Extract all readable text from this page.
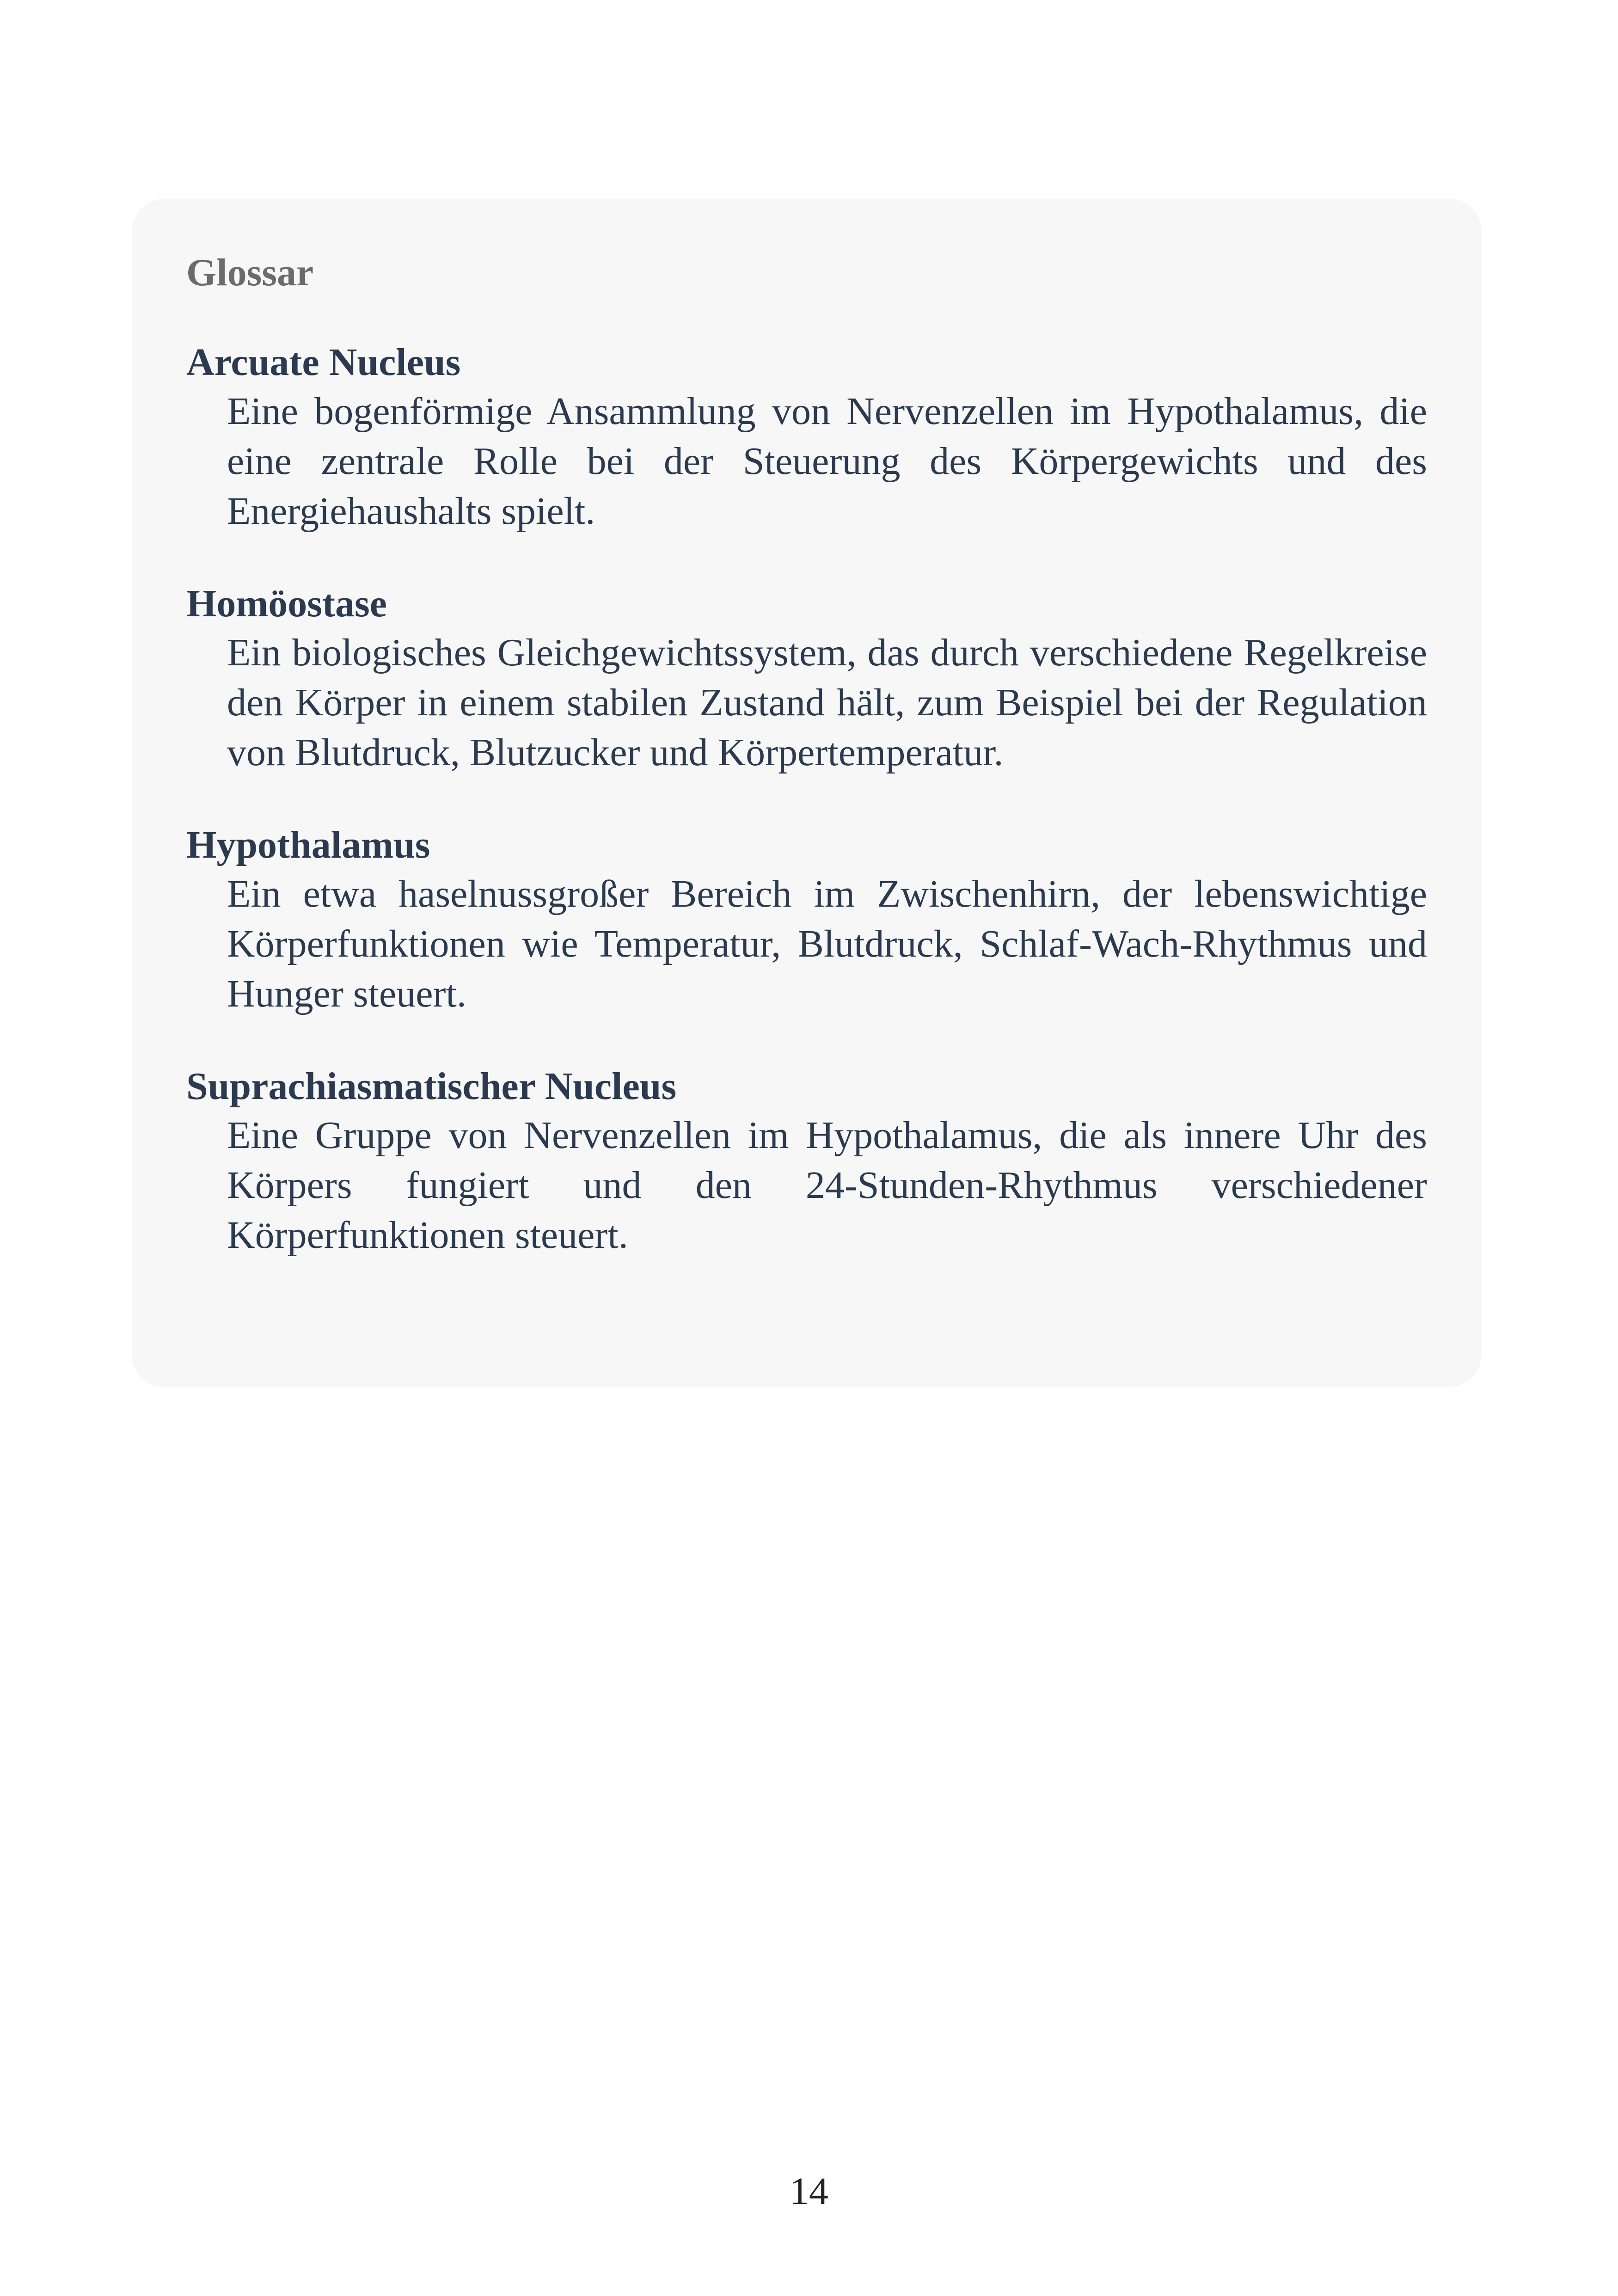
Glossar

Arcuate Nucleus

Eine bogenförmige Ansammlung von Nervenzellen im Hypothalamus, die eine zentrale Rolle bei der Steuerung des Körpergewichts und des Energiehaushalts spielt.

Homöostase

Ein biologisches Gleichgewichtssystem, das durch verschiedene Regelkreise den Körper in einem stabilen Zustand hält, zum Beispiel bei der Regulation von Blutdruck, Blutzucker und Körpertemperatur.

Hypothalamus

Ein etwa haselnussgroßer Bereich im Zwischenhirn, der lebenswichtige Körperfunktionen wie Temperatur, Blutdruck, Schlaf-Wach-Rhythmus und Hunger steuert.

Suprachiasmatischer Nucleus

Eine Gruppe von Nervenzellen im Hypothalamus, die als innere Uhr des Körpers fungiert und den 24-Stunden-Rhythmus verschiedener Körperfunktionen steuert.

14
